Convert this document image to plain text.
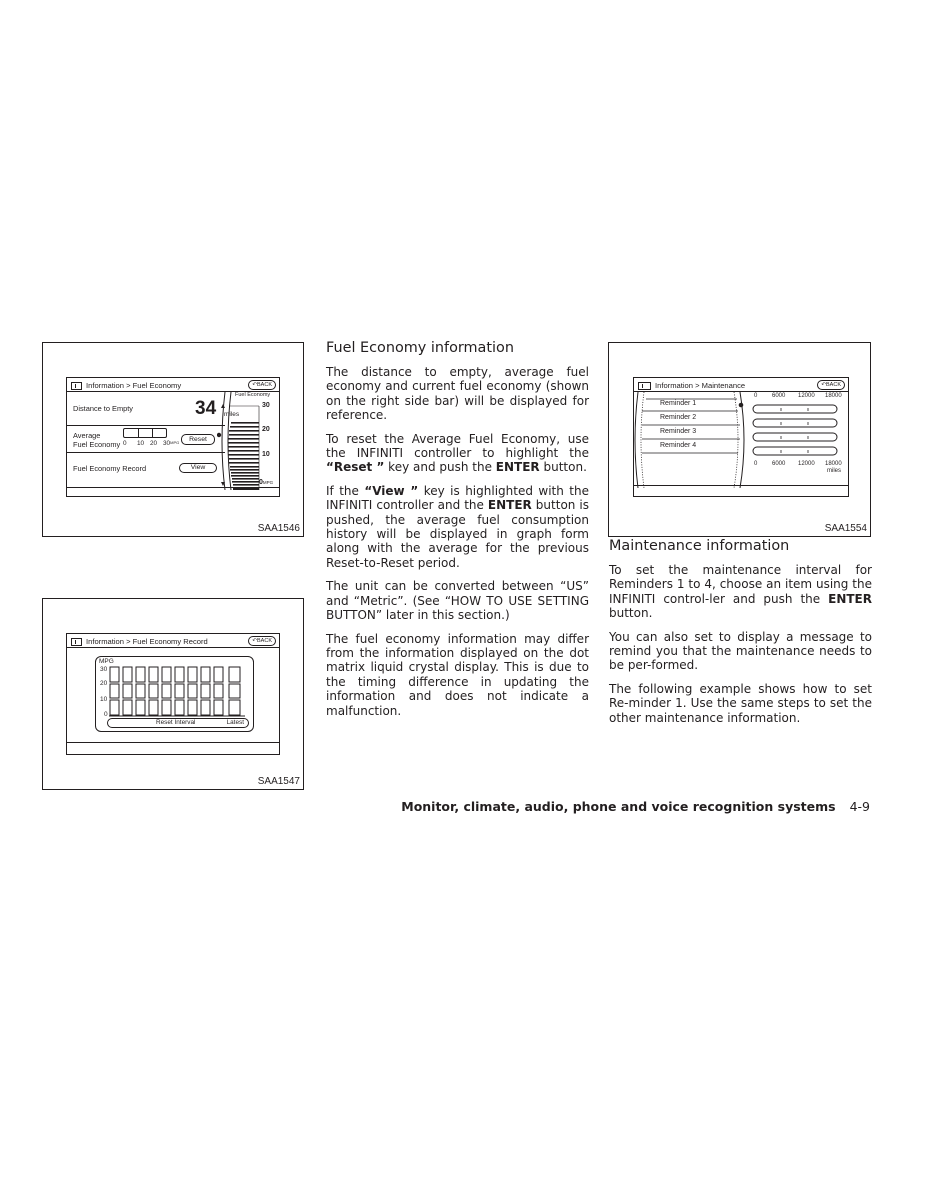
Information > Fuel Economy	↶BACK
Distance to Empty	34 miles
Average
Fuel Economy 0	10 20 30 MPG	Reset
Fuel Economy Record	View
Fuel Economy
30
20
10
0MPG
SAA1546
Information > Fuel Economy Record	↶BACK
MPG
30
20
10
0
Reset Interval	Latest
SAA1547
Information > Maintenance	↶BACK
Reminder 1
Reminder 2
Reminder 3
Reminder 4
0 6000 12000 18000
0 6000 12000 18000
miles
SAA1554
Fuel Economy information

The distance to empty, average fuel economy and current fuel economy (shown on the right side bar) will be displayed for reference.

To reset the Average Fuel Economy, use the INFINITI controller to highlight the “Reset ” key and push the ENTER button.

If the “View ” key is highlighted with the INFINITI controller and the ENTER button is pushed, the average fuel consumption history will be displayed in graph form along with the average for the previous Reset-to-Reset period.

The unit can be converted between “US” and “Metric”. (See “HOW TO USE SETTING BUTTON” later in this section.)

The fuel economy information may differ from the information displayed on the dot matrix liquid crystal display. This is due to the timing difference in updating the information and does not indicate a malfunction.

Maintenance information

To set the maintenance interval for Reminders 1 to 4, choose an item using the INFINITI control-ler and push the ENTER button.

You can also set to display a message to remind you that the maintenance needs to be per-formed.

The following example shows how to set Re-minder 1. Use the same steps to set the other maintenance information.

Monitor, climate, audio, phone and voice recognition systems 4-9
